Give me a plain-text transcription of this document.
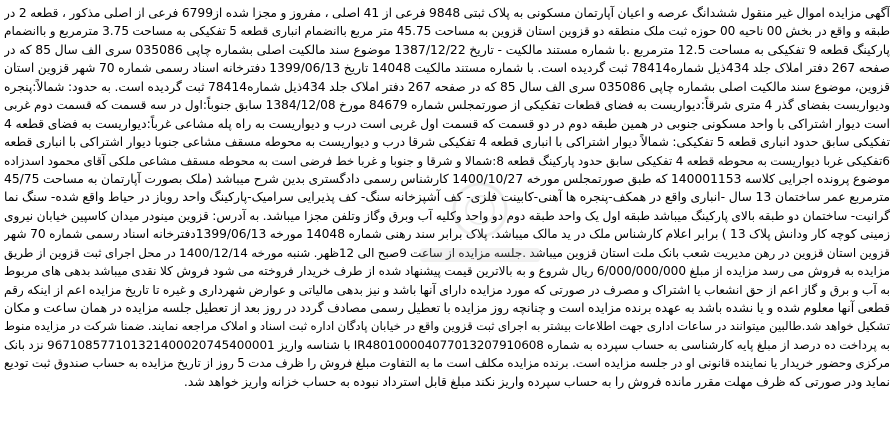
آگهی مزایده اموال غیر منقول ششدانگ عرصه و اعیان آپارتمان مسکونی به پلاک ثبتی 9848 فرعی از 41 اصلی ، مفروز و مجزا شده از6799 فرعی از اصلی مذکور ، قطعه 2 در
طبقه و واقع در بخش 00 ناحیه 00 حوزه ثبت ملک منطقه دو قزوین استان قزوین به مساحت 45.75 متر مربع باانضمام انباری قطعه 5 تفکیکی به مساحت 3.75 مترمربع و باانضمام
پارکینگ قطعه 9 تفکیکی به مساحت 12.5 مترمربع .با شماره مستند مالکیت - تاریخ 1387/12/22 موضوع سند مالکیت اصلی بشماره چاپی 035086 سری الف سال 85 که در
صفحه 267 دفتر املاک جلد 434ذیل شماره78414 ثبت گردیده است. با شماره مستند مالکیت 14048 تاریخ 1399/06/13 دفترخانه اسناد رسمی شماره 70 شهر قزوین استان
قزوین، موضوع سند مالکیت اصلی بشماره چاپی 035086 سری الف سال 85 که در صفحه 267 دفتر املاک جلد 434ذیل شماره78414 ثبت گردیده است. به حدود: شمالاً:پنجره
ودیواریست بفضای گذر 4 متری شرقاً:دیواریست به فضای قطعات تفکیکی از صورتمجلس شماره 84679 مورخ 1384/12/08 سابق جنوباً:اول در سه قسمت که قسمت دوم غربی
است دیوار اشتراکی با واحد مسکونی جنوبی در همین طبقه دوم در دو قسمت که قسمت اول غربی است درب و دیواریست به راه پله مشاعی غرباً:دیواریست به فضای قطعه 4
تفکیکی سابق حدود انباری قطعه 5 تفکیکی: شمالاً دیوار اشتراکی با انباری قطعه 4 تفکیکی شرقا درب و دیواریست به محوطه مسقف مشاعی جنوبا دیوار اشتراکی با انباری قطعه
6تفکیکی غربا دیواریست به محوطه قطعه 4 تفکیکی سابق حدود پارکینگ قطعه 8:شمالا و شرقا و جنوبا و غربا خط فرضی است به محوطه مسقف مشاعی ملکی آقای محمود اسدزاده
موضوع پرونده اجرایی کلاسه 140001153 که طبق صورتمجلس مورخه 1400/10/27 کارشناس رسمی دادگستری بدین شرح میباشد (ملک بصورت آپارتمان به مساحت 45/75
مترمربع عمر ساختمان 13 سال -انباری واقع در همکف-پنجره ها آهنی-کابینت فلزی- کف آشپزخانه سنگ- کف پذیرایی سرامیک-پارکینگ واحد روباز در حیاط واقع شده- سنگ نما
گرانیت- ساختمان دو طبقه بالای پارکینگ میباشد طبقه اول یک واحد طبقه دوم دو واحد وکلیه آب وبرق وگاز وتلفن مجزا میباشد. به آدرس: قزوین مینودر میدان کاسپین خیابان نیروی
زمینی کوچه کار ودانش پلاک 13 ) برابر اعلام کارشناس ملک در ید مالک میباشد. پلاک برابر سند رهنی شماره 14048 مورخه 1399/06/13دفترخانه اسناد رسمی شماره 70 شهر
قزوین استان قزوین در رهن مدیریت شعب بانک ملت استان قزوین میباشد .جلسه مزایده از ساعت 9صبح الی 12ظهر. شنبه مورخه 1400/12/14 در محل اجرای ثبت قزوین از طریق
مزایده به فروش می رسد مزایده از مبلغ 6/000/000/000 ریال شروع و به بالاترین قیمت پیشنهاد شده از طرف خریدار فروخته می شود فروش کلا نقدی میباشد بدهی های مربوط
به آب و برق و گاز اعم از حق انشعاب یا اشتراک و مصرف در صورتی که مورد مزایده دارای آنها باشد و نیز بدهی مالیاتی و عوارض شهرداری و غیره تا تاریخ مزایده اعم از اینکه رقم
قطعی آنها معلوم شده و یا نشده باشد به عهده برنده مزایده است و چنانچه روز مزایده با تعطیل رسمی مصادف گردد در روز بعد از تعطیل جلسه مزایده در همان ساعت و مکان
تشکیل خواهد شد.طالبین میتوانند در ساعات اداری جهت اطلاعات بیشتر به اجرای ثبت قزوین واقع در خیابان پادگان اداره ثبت اسناد و املاک مراجعه نمایند. ضمنا شرکت در مزایده منوط
به پرداخت ده درصد از مبلغ پایه کارشناسی به حساب سپرده به شماره IR480100004077013207910608 با شناسه واریز 967108577101321400020745400001 نزد بانک
مرکزی وحضور خریدار یا نماینده قانونی او در جلسه مزایده است. برنده مزایده مکلف است ما به التفاوت مبلغ فروش را ظرف مدت 5 روز از تاریخ مزایده به حساب صندوق ثبت تودیع
نماید ودر صورتی که ظرف مهلت مقرر مانده فروش را به حساب سپرده واریز نکند مبلغ قابل استرداد نبوده به حساب خزانه واریز خواهد شد.
